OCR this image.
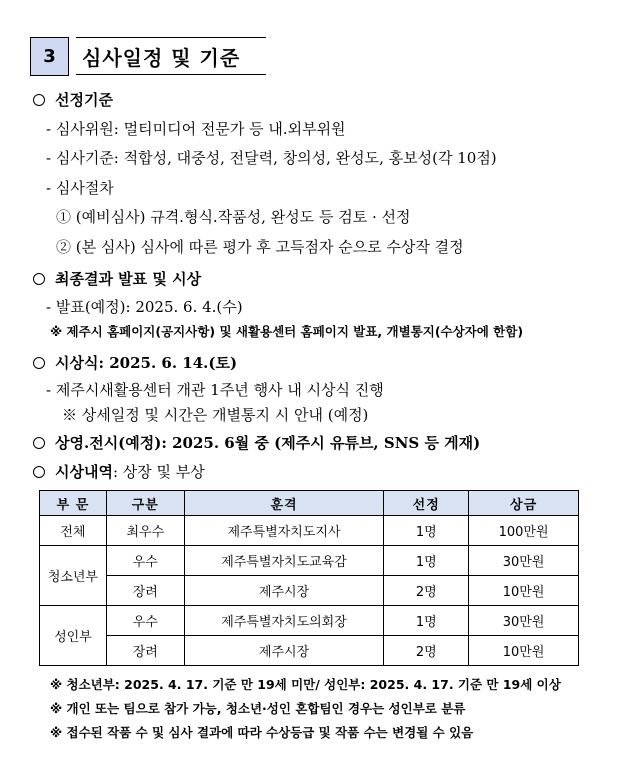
3	심사일정 및 기준
선정기준
- 심사위원: 멀티미디어 전문가 등 내.외부위원
- 심사기준: 적합성, 대중성, 전달력, 창의성, 완성도, 홍보성(각 10점)
- 심사절차
① (예비심사) 규격.형식.작품성, 완성도 등 검토 · 선정
② (본 심사) 심사에 따른 평가 후 고득점자 순으로 수상작 결정
최종결과 발표 및 시상
- 발표(예정): 2025. 6. 4.(수)
※ 제주시 홈페이지(공지사항) 및 새활용센터 홈페이지 발표, 개별통지(수상자에 한함)
시상식: 2025. 6. 14.(토)
- 제주시새활용센터 개관 1주년 행사 내 시상식 진행
※ 상세일정 및 시간은 개별통지 시 안내 (예정)
상영.전시(예정): 2025. 6월 중 (제주시 유튜브, SNS 등 게재)
시상내역: 상장 및 부상
부 문	구분	훈격	선정	상금
전체	최우수	제주특별자치도지사	1명	100만원
청소년부	우수	제주특별자치도교육감	1명	30만원
	장려	제주시장	2명	10만원
성인부	우수	제주특별자치도의회장	1명	30만원
	장려	제주시장	2명	10만원
※ 청소년부: 2025. 4. 17. 기준 만 19세 미만/ 성인부: 2025. 4. 17. 기준 만 19세 이상
※ 개인 또는 팀으로 참가 가능, 청소년·성인 혼합팀인 경우는 성인부로 분류
※ 접수된 작품 수 및 심사 결과에 따라 수상등급 및 작품 수는 변경될 수 있음
